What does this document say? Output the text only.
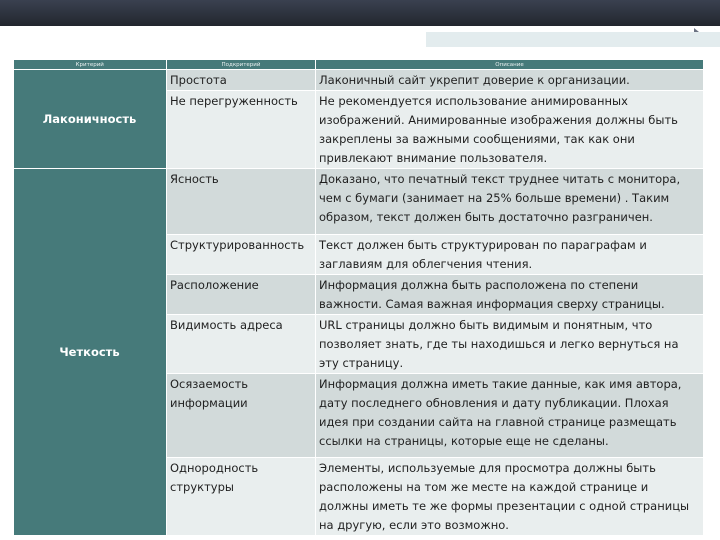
Критерий	Подкритерий	Описание
Лаконичность	Простота	Лаконичный сайт укрепит доверие к организации.
	Не перегруженность	Не рекомендуется использование анимированных изображений. Анимированные изображения должны быть закреплены за важными сообщениями, так как они привлекают внимание пользователя.
Четкость	Ясность	Доказано, что печатный текст труднее читать с монитора, чем с бумаги (занимает на 25% больше времени) . Таким образом, текст должен быть достаточно разграничен.
	Структурированность	Текст должен быть структурирован по параграфам и заглавиям для облегчения чтения.
	Расположение	Информация должна быть расположена по степени важности. Самая важная информация сверху страницы.
	Видимость адреса	URL страницы должно быть видимым и понятным, что позволяет знать, где ты находишься и легко вернуться на эту страницу.
	Осязаемость информации	Информация должна иметь такие данные, как имя автора, дату последнего обновления и дату публикации. Плохая идея при создании сайта на главной странице размещать ссылки на страницы, которые еще не сделаны.
	Однородность структуры	Элементы, используемые для просмотра должны быть расположены на том же месте на каждой странице и должны иметь те же формы презентации с одной страницы на другую, если это возможно.
